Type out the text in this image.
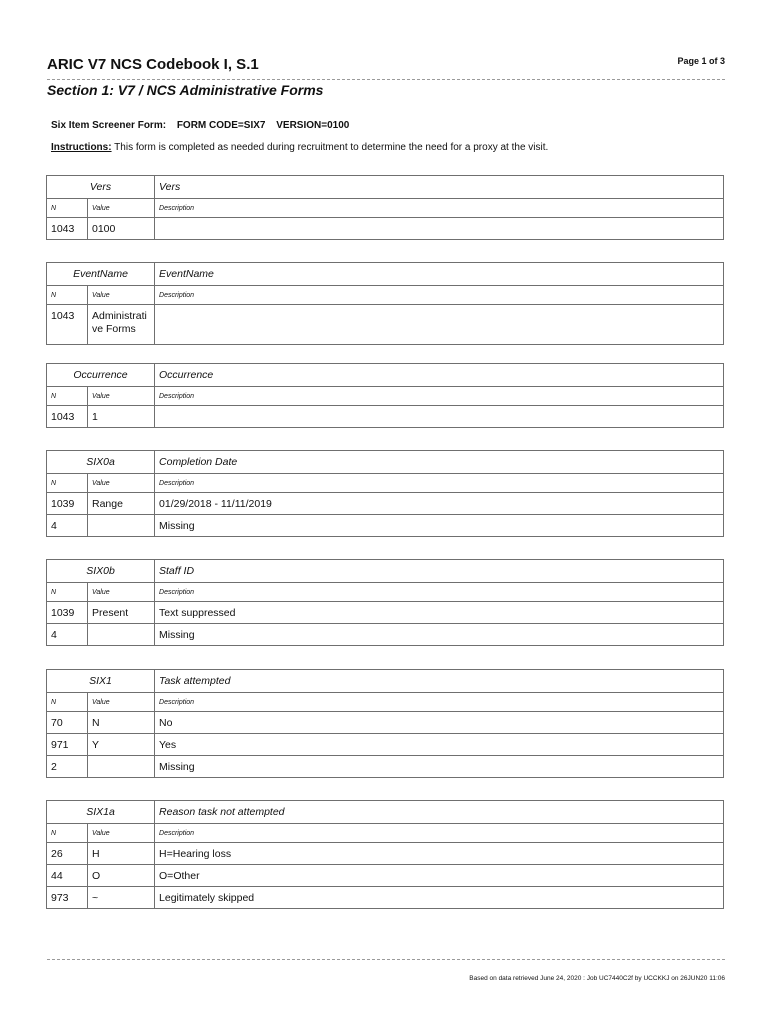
ARIC V7 NCS Codebook I, S.1	Page 1 of 3
Section 1: V7 / NCS Administrative Forms
Six Item Screener Form: FORM CODE=SIX7 VERSION=0100
Instructions: This form is completed as needed during recruitment to determine the need for a proxy at the visit.
Vers		Vers
N	Value	Description
1043	0100	
EventName		EventName
N	Value	Description
1043	Administrati ve Forms	
Occurrence		Occurrence
N	Value	Description
1043	1	
SIX0a		Completion Date
N	Value	Description
1039	Range	01/29/2018 - 11/11/2019
4		Missing
SIX0b		Staff ID
N	Value	Description
1039	Present	Text suppressed
4		Missing
SIX1		Task attempted
N	Value	Description
70	N	No
971	Y	Yes
2		Missing
SIX1a		Reason task not attempted
N	Value	Description
26	H	H=Hearing loss
44	O	O=Other
973	~	Legitimately skipped
Based on data retrieved June 24, 2020 : Job UC7440C2f by UCCKKJ on 26JUN20 11:06
